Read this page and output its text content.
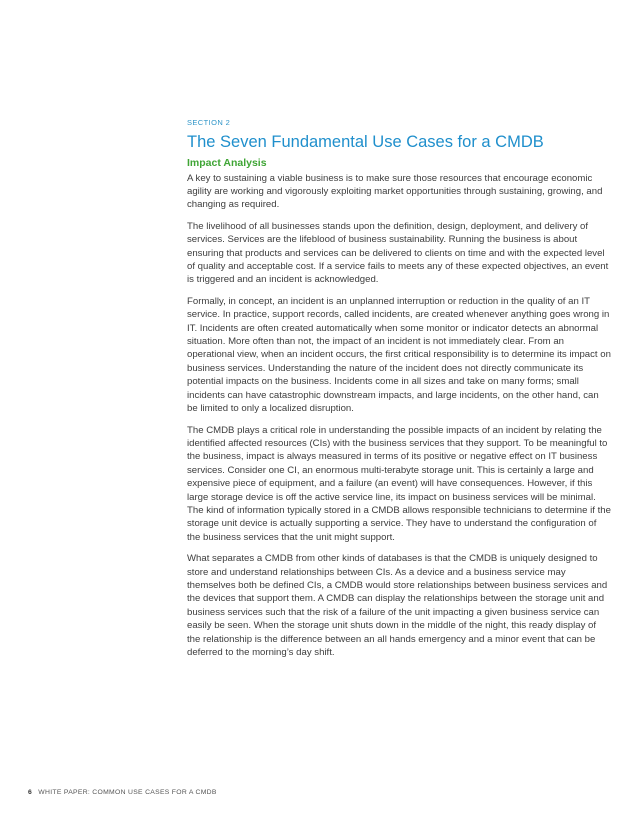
SECTION 2
The Seven Fundamental Use Cases for a CMDB
Impact Analysis

A key to sustaining a viable business is to make sure those resources that encourage economic agility are working and vigorously exploiting market opportunities through sustaining, growing, and changing as required.

The livelihood of all businesses stands upon the definition, design, deployment, and delivery of services. Services are the lifeblood of business sustainability. Running the business is about ensuring that products and services can be delivered to clients on time and with the expected level of quality and acceptable cost. If a service fails to meets any of these expected objectives, an event is triggered and an incident is acknowledged.

Formally, in concept, an incident is an unplanned interruption or reduction in the quality of an IT service. In practice, support records, called incidents, are created whenever anything goes wrong in IT. Incidents are often created automatically when some monitor or indicator detects an abnormal situation. More often than not, the impact of an incident is not immediately clear. From an operational view, when an incident occurs, the first critical responsibility is to determine its impact on business services. Understanding the nature of the incident does not directly communicate its potential impacts on the business. Incidents come in all sizes and take on many forms; small incidents can have catastrophic downstream impacts, and large incidents, on the other hand, can be limited to only a localized disruption.

The CMDB plays a critical role in understanding the possible impacts of an incident by relating the identified affected resources (CIs) with the business services that they support. To be meaningful to the business, impact is always measured in terms of its positive or negative effect on IT business services. Consider one CI, an enormous multi-terabyte storage unit. This is certainly a large and expensive piece of equipment, and a failure (an event) will have consequences. However, if this large storage device is off the active service line, its impact on business services will be minimal. The kind of information typically stored in a CMDB allows responsible technicians to determine if the storage unit device is actually supporting a service. They have to understand the configuration of the business services that the unit might support.

What separates a CMDB from other kinds of databases is that the CMDB is uniquely designed to store and understand relationships between CIs. As a device and a business service may themselves both be defined CIs, a CMDB would store relationships between business services and the devices that support them. A CMDB can display the relationships between the storage unit and business services such that the risk of a failure of the unit impacting a given business service can easily be seen. When the storage unit shuts down in the middle of the night, this ready display of the relationship is the difference between an all hands emergency and a minor event that can be deferred to the morning’s day shift.

6 WHITE PAPER: COMMON USE CASES FOR A CMDB
